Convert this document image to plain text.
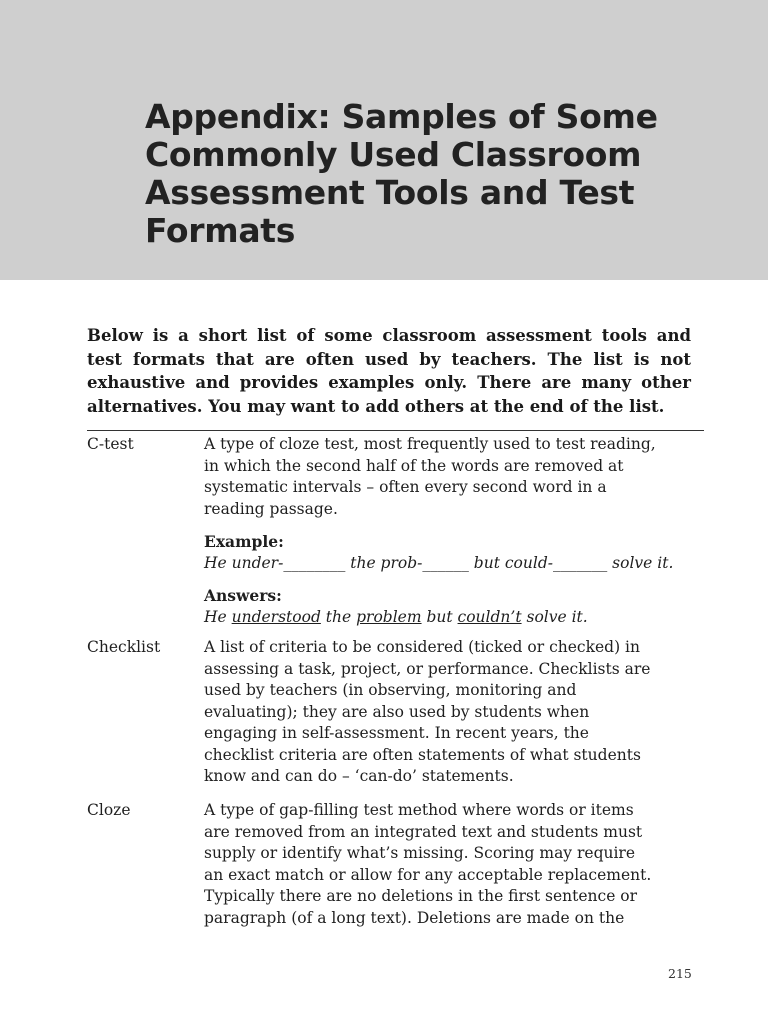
Appendix: Samples of Some
Commonly Used Classroom
Assessment Tools and Test
Formats

Below is a short list of some classroom assessment tools and
test formats that are often used by teachers. The list is not
exhaustive and provides examples only. There are many other
alternatives. You may want to add others at the end of the list.

C-test	A type of cloze test, most frequently used to test reading,
in which the second half of the words are removed at
systematic intervals – often every second word in a
reading passage.
Example:
He under-________ the prob-______ but could-_______ solve it.
Answers:
He understood the problem but couldn’t solve it.
Checklist	A list of criteria to be considered (ticked or checked) in
assessing a task, project, or performance. Checklists are
used by teachers (in observing, monitoring and
evaluating); they are also used by students when
engaging in self-assessment. In recent years, the
checklist criteria are often statements of what students
know and can do – ‘can-do’ statements.
Cloze	A type of gap-filling test method where words or items
are removed from an integrated text and students must
supply or identify what’s missing. Scoring may require
an exact match or allow for any acceptable replacement.
Typically there are no deletions in the first sentence or
paragraph (of a long text). Deletions are made on the
215
